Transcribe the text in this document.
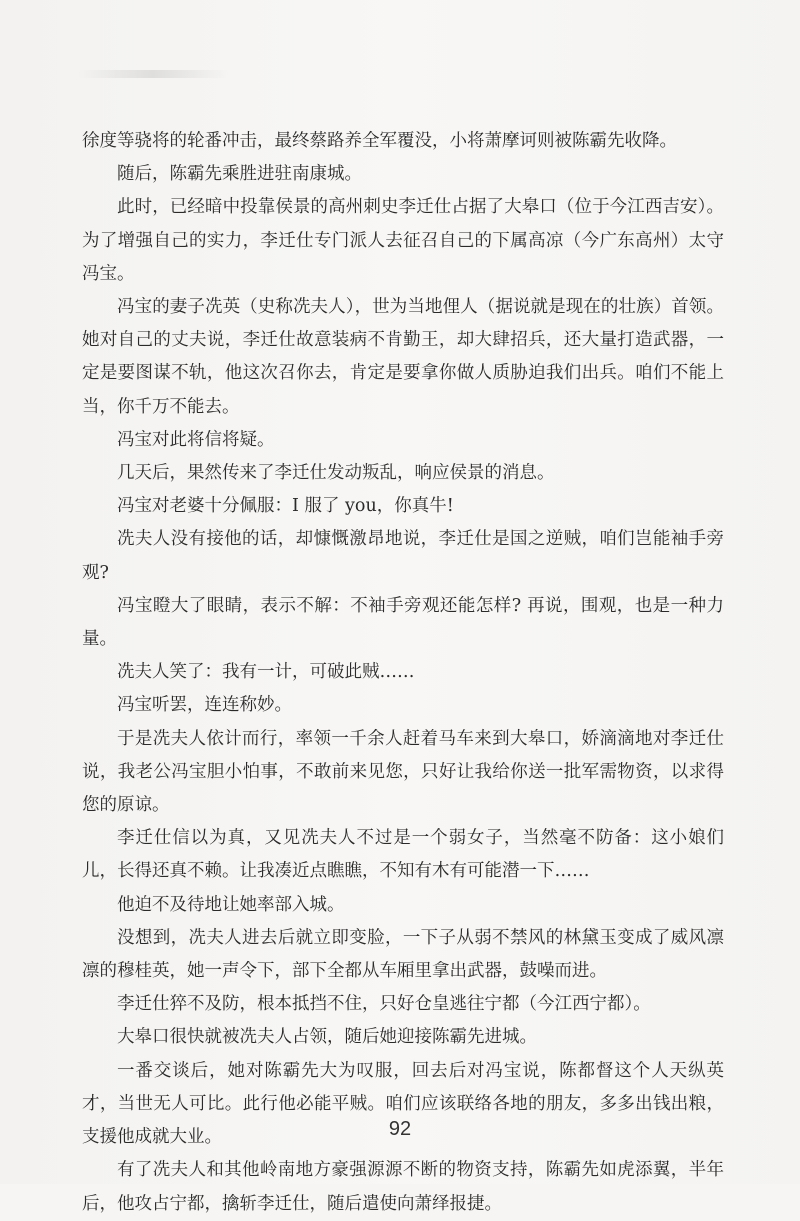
徐度等骁将的轮番冲击，最终蔡路养全军覆没，小将萧摩诃则被陈霸先收降。

随后，陈霸先乘胜进驻南康城。

此时，已经暗中投靠侯景的高州刺史李迁仕占据了大皋口（位于今江西吉安）。为了增强自己的实力，李迁仕专门派人去征召自己的下属高凉（今广东高州）太守冯宝。

冯宝的妻子冼英（史称冼夫人），世为当地俚人（据说就是现在的壮族）首领。她对自己的丈夫说，李迁仕故意装病不肯勤王，却大肆招兵，还大量打造武器，一定是要图谋不轨，他这次召你去，肯定是要拿你做人质胁迫我们出兵。咱们不能上当，你千万不能去。

冯宝对此将信将疑。

几天后，果然传来了李迁仕发动叛乱，响应侯景的消息。

冯宝对老婆十分佩服：I 服了 you，你真牛!

冼夫人没有接他的话，却慷慨激昂地说，李迁仕是国之逆贼，咱们岂能袖手旁观?

冯宝瞪大了眼睛，表示不解：不袖手旁观还能怎样? 再说，围观，也是一种力量。

冼夫人笑了：我有一计，可破此贼……

冯宝听罢，连连称妙。

于是冼夫人依计而行，率领一千余人赶着马车来到大皋口，娇滴滴地对李迁仕说，我老公冯宝胆小怕事，不敢前来见您，只好让我给你送一批军需物资，以求得您的原谅。

李迁仕信以为真，又见冼夫人不过是一个弱女子，当然毫不防备：这小娘们儿，长得还真不赖。让我凑近点瞧瞧，不知有木有可能潜一下……

他迫不及待地让她率部入城。

没想到，冼夫人进去后就立即变脸，一下子从弱不禁风的林黛玉变成了威风凛凛的穆桂英，她一声令下，部下全都从车厢里拿出武器，鼓噪而进。

李迁仕猝不及防，根本抵挡不住，只好仓皇逃往宁都（今江西宁都）。

大皋口很快就被冼夫人占领，随后她迎接陈霸先进城。

一番交谈后，她对陈霸先大为叹服，回去后对冯宝说，陈都督这个人天纵英才，当世无人可比。此行他必能平贼。咱们应该联络各地的朋友，多多出钱出粮，支援他成就大业。

有了冼夫人和其他岭南地方豪强源源不断的物资支持，陈霸先如虎添翼，半年后，他攻占宁都，擒斩李迁仕，随后遣使向萧绎报捷。

92
